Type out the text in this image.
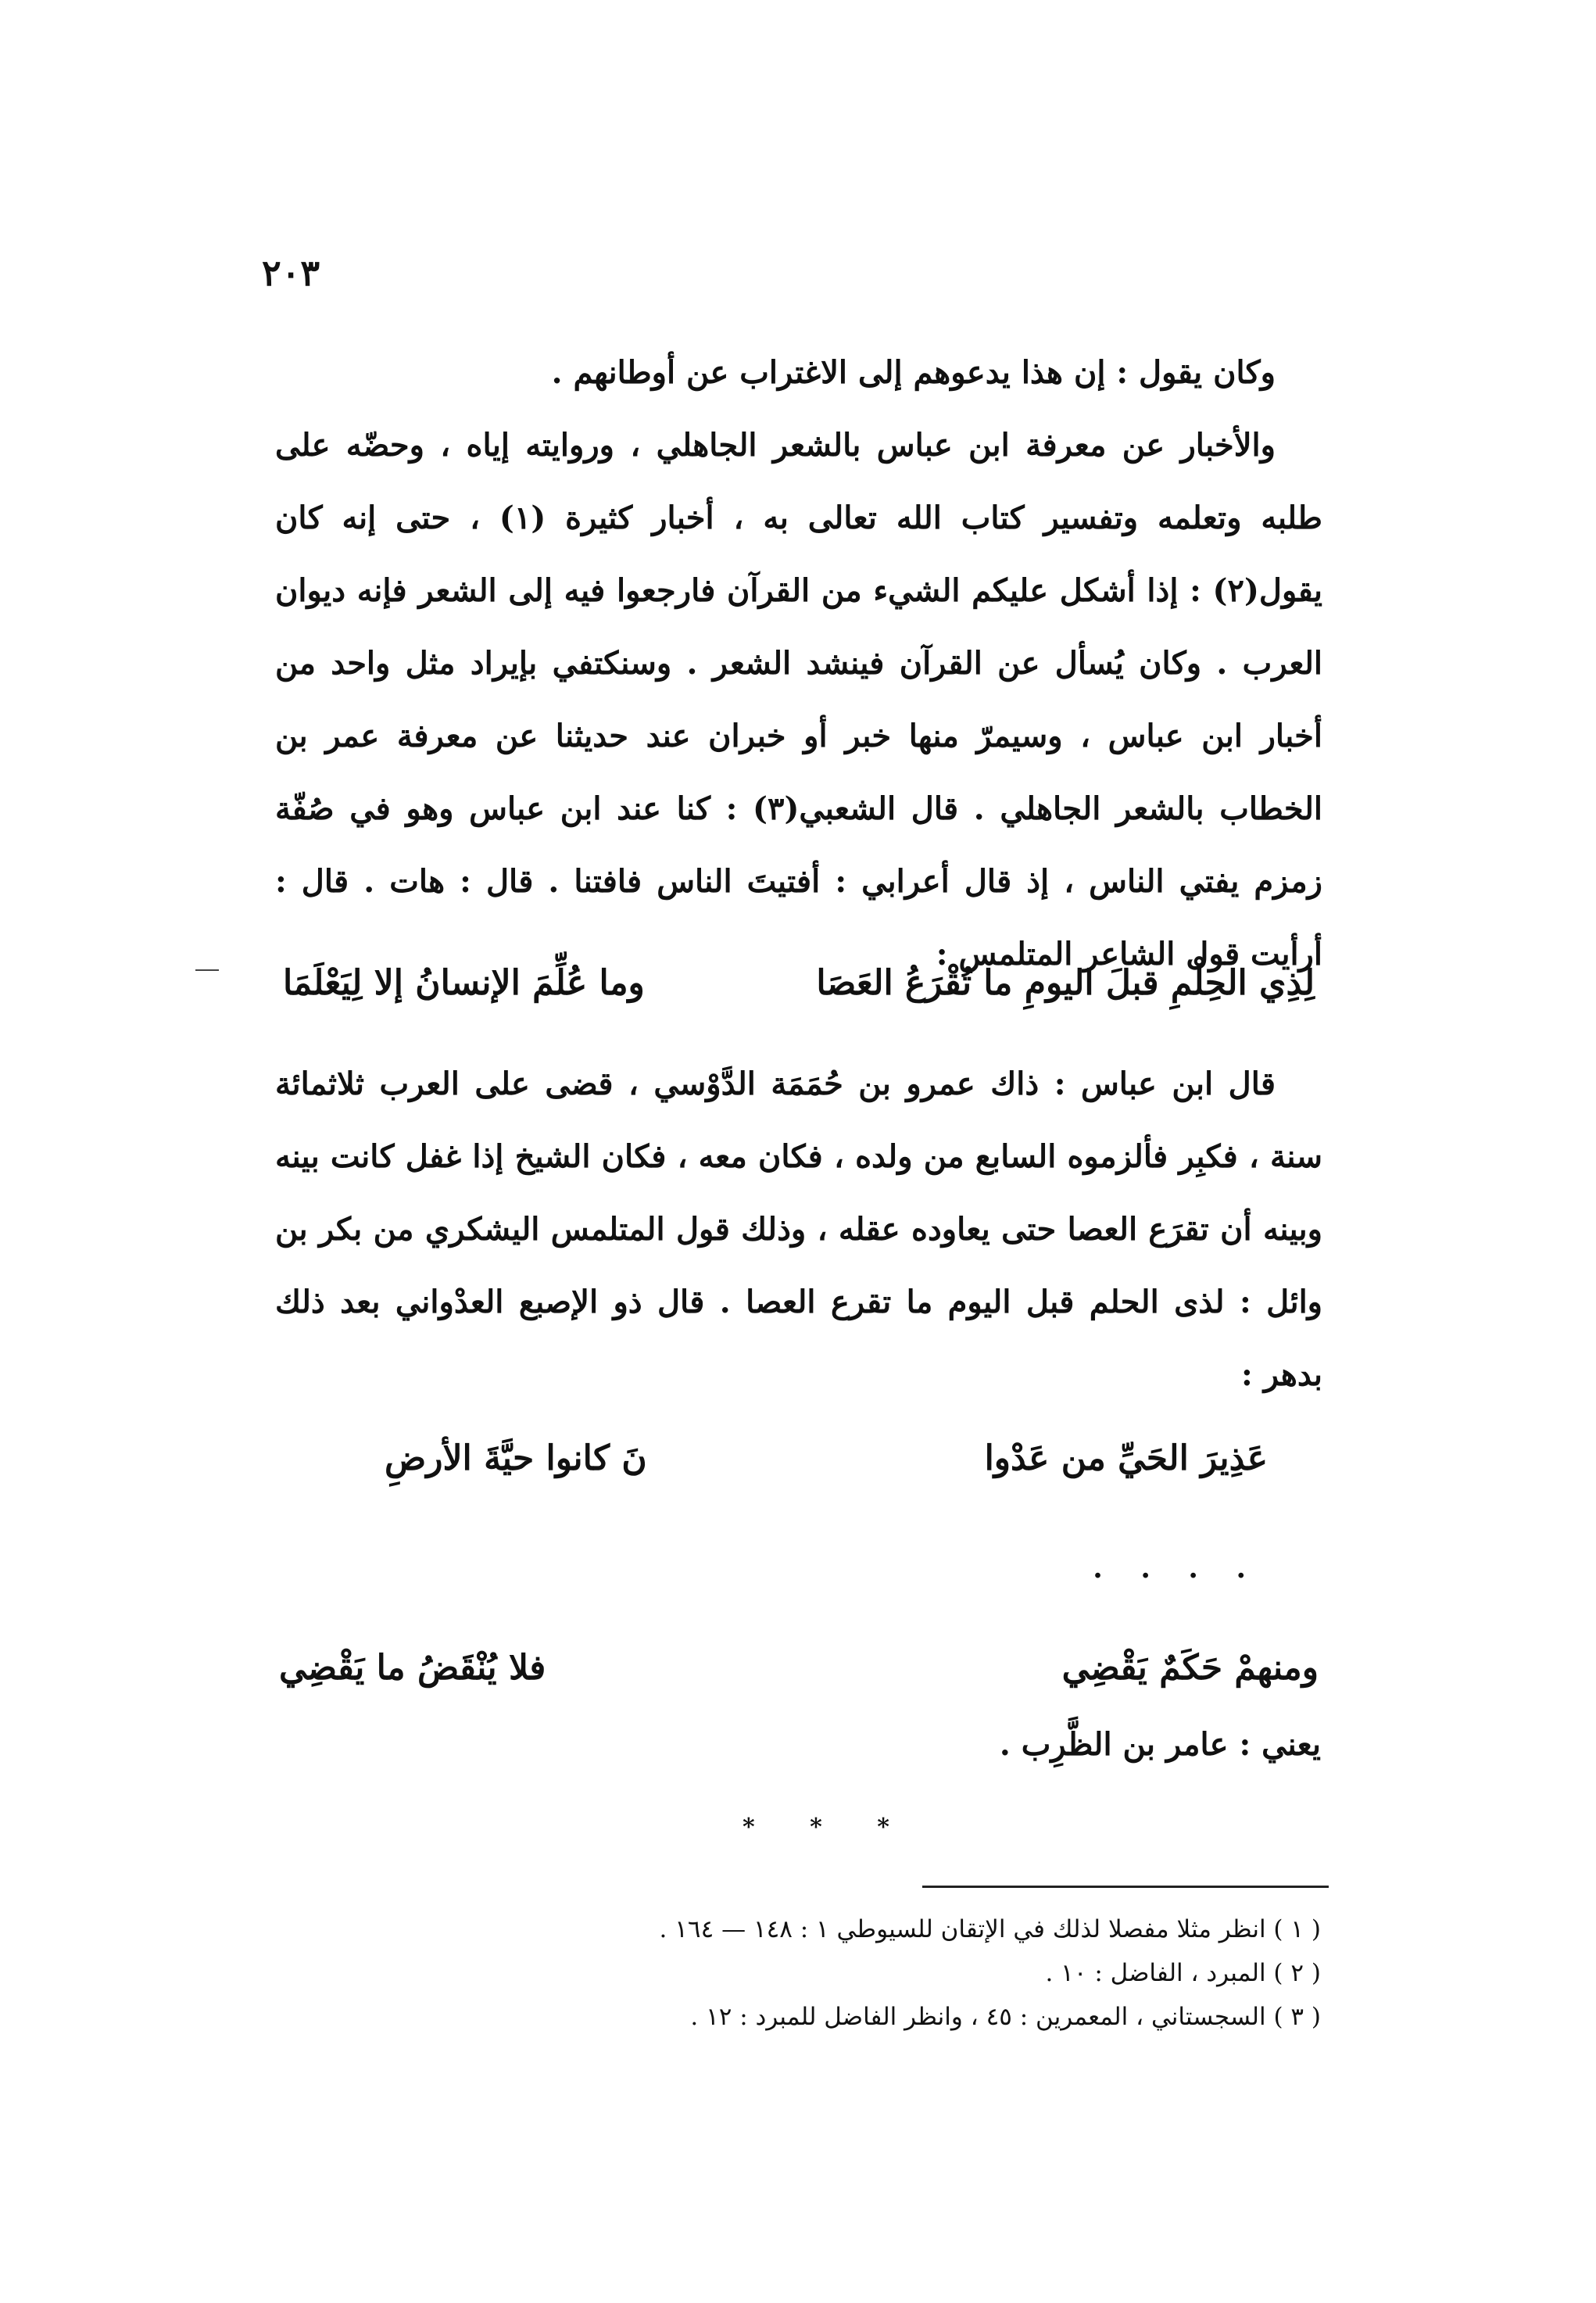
٢٠٣

وكان يقول : إن هذا يدعوهم إلى الاغتراب عن أوطانهم .

والأخبار عن معرفة ابن عباس بالشعر الجاهلي ، وروايته إياه ، وحضّه على طلبه وتعلمه وتفسير كتاب الله تعالى به ، أخبار كثيرة (١) ، حتى إنه كان يقول(٢) : إذا أشكل عليكم الشيء من القرآن فارجعوا فيه إلى الشعر فإنه ديوان العرب . وكان يُسأل عن القرآن فينشد الشعر . وسنكتفي بإيراد مثل واحد من أخبار ابن عباس ، وسيمرّ منها خبر أو خبران عند حديثنا عن معرفة عمر بن الخطاب بالشعر الجاهلي . قال الشعبي(٣) : كنا عند ابن عباس وهو في صُفّة زمزم يفتي الناس ، إذ قال أعرابي : أفتيتَ الناس فافتنا . قال : هات . قال : أرأيت قول الشاعر المتلمس :

لِذِي الحِلْمِ قبلَ اليومِ ما تُقْرَعُ العَصَا
وما عُلِّمَ الإنسانُ إلا لِيَعْلَمَا

قال ابن عباس : ذاك عمرو بن حُمَمَة الدَّوْسي ، قضى على العرب ثلاثمائة سنة ، فكبِر فألزموه السابع من ولده ، فكان معه ، فكان الشيخ إذا غفل كانت بينه وبينه أن تقرَع العصا حتى يعاوده عقله ، وذلك قول المتلمس اليشكري من بكر بن وائل : لذى الحلم قبل اليوم ما تقرع العصا . قال ذو الإصبع العدْواني بعد ذلك بدهر :

عَذِيرَ الحَيِّ من عَدْوا
نَ كانوا حيَّةَ الأرضِ
. . . .
ومنهمْ حَكَمٌ يَقْضِي
فلا يُنْقَضُ ما يَقْضِي
يعني : عامر بن الظَّرِب .
* * *
( ١ ) انظر مثلا مفصلا لذلك في الإتقان للسيوطي ١ : ١٤٨ — ١٦٤ .
( ٢ ) المبرد ، الفاضل : ١٠ .
( ٣ ) السجستاني ، المعمرين : ٤٥ ، وانظر الفاضل للمبرد : ١٢ .
